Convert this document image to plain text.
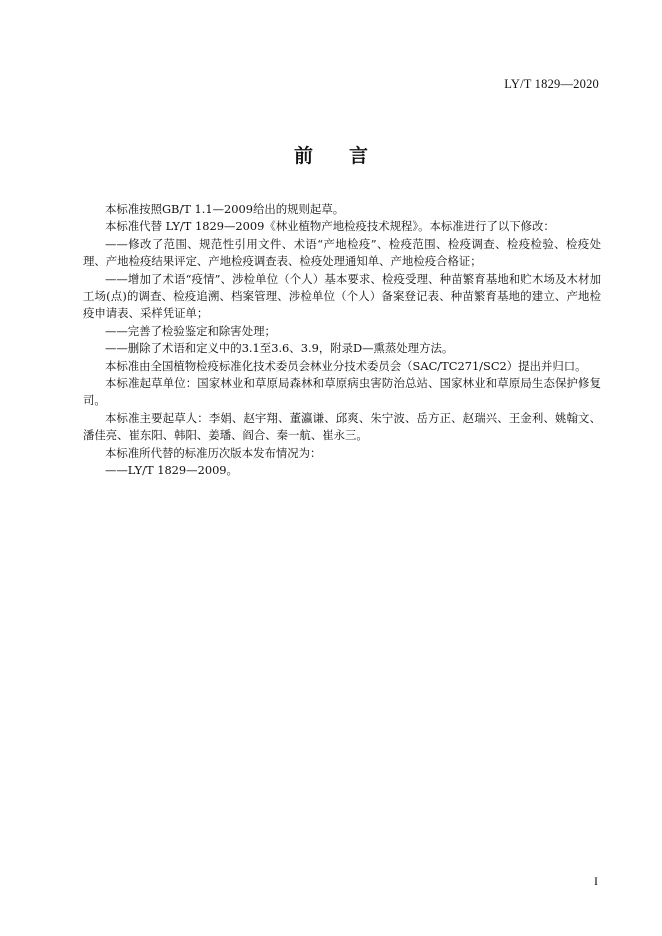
LY/T 1829—2020
前 言

本标准按照GB/T 1.1—2009给出的规则起草。

本标准代替 LY/T 1829—2009《林业植物产地检疫技术规程》。本标准进行了以下修改：

——修改了范围、规范性引用文件、术语“产地检疫”、检疫范围、检疫调查、检疫检验、检疫处理、产地检疫结果评定、产地检疫调查表、检疫处理通知单、产地检疫合格证；

——增加了术语“疫情”、涉检单位（个人）基本要求、检疫受理、种苗繁育基地和贮木场及木材加工场(点)的调查、检疫追溯、档案管理、涉检单位（个人）备案登记表、种苗繁育基地的建立、产地检疫申请表、采样凭证单；

——完善了检验鉴定和除害处理；

——删除了术语和定义中的3.1至3.6、3.9，附录D—熏蒸处理方法。

本标准由全国植物检疫标准化技术委员会林业分技术委员会（SAC/TC271/SC2）提出并归口。

本标准起草单位：国家林业和草原局森林和草原病虫害防治总站、国家林业和草原局生态保护修复司。

本标准主要起草人：李娟、赵宇翔、董瀛谦、邱爽、朱宁波、岳方正、赵瑞兴、王金利、姚翰文、潘佳亮、崔东阳、韩阳、姜璠、阎合、秦一航、崔永三。

本标准所代替的标准历次版本发布情况为：

——LY/T 1829—2009。

I
